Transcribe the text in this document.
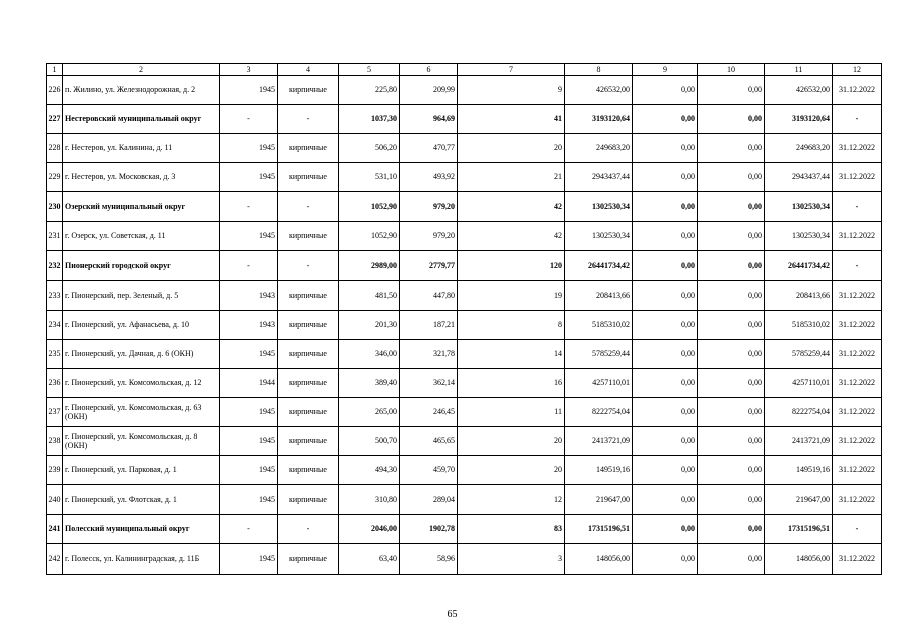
1	2	3	4	5	6	7	8	9	10	11	12
226	п. Жилино, ул. Железнодорожная, д. 2	1945	кирпичные	225,80	209,99	9	426532,00	0,00	0,00	426532,00	31.12.2022
227	Нестеровский муниципальный округ	-	-	1037,30	964,69	41	3193120,64	0,00	0,00	3193120,64	-
228	г. Нестеров, ул. Калинина, д. 11	1945	кирпичные	506,20	470,77	20	249683,20	0,00	0,00	249683,20	31.12.2022
229	г. Нестеров, ул. Московская, д. 3	1945	кирпичные	531,10	493,92	21	2943437,44	0,00	0,00	2943437,44	31.12.2022
230	Озерский муниципальный округ	-	-	1052,90	979,20	42	1302530,34	0,00	0,00	1302530,34	-
231	г. Озерск, ул. Советская, д. 11	1945	кирпичные	1052,90	979,20	42	1302530,34	0,00	0,00	1302530,34	31.12.2022
232	Пионерский городской округ	-	-	2989,00	2779,77	120	26441734,42	0,00	0,00	26441734,42	-
233	г. Пионерский, пер. Зеленый, д. 5	1943	кирпичные	481,50	447,80	19	208413,66	0,00	0,00	208413,66	31.12.2022
234	г. Пионерский, ул. Афанасьева, д. 10	1943	кирпичные	201,30	187,21	8	5185310,02	0,00	0,00	5185310,02	31.12.2022
235	г. Пионерский, ул. Дачная, д. 6 (ОКН)	1945	кирпичные	346,00	321,78	14	5785259,44	0,00	0,00	5785259,44	31.12.2022
236	г. Пионерский, ул. Комсомольская, д. 12	1944	кирпичные	389,40	362,14	16	4257110,01	0,00	0,00	4257110,01	31.12.2022
237	г. Пионерский, ул. Комсомольская, д. 63 (ОКН)	1945	кирпичные	265,00	246,45	11	8222754,04	0,00	0,00	8222754,04	31.12.2022
238	г. Пионерский, ул. Комсомольская, д. 8 (ОКН)	1945	кирпичные	500,70	465,65	20	2413721,09	0,00	0,00	2413721,09	31.12.2022
239	г. Пионерский, ул. Парковая, д. 1	1945	кирпичные	494,30	459,70	20	149519,16	0,00	0,00	149519,16	31.12.2022
240	г. Пионерский, ул. Флотская, д. 1	1945	кирпичные	310,80	289,04	12	219647,00	0,00	0,00	219647,00	31.12.2022
241	Полесский муниципальный округ	-	-	2046,00	1902,78	83	17315196,51	0,00	0,00	17315196,51	-
242	г. Полесск, ул. Калининградская, д. 11Б	1945	кирпичные	63,40	58,96	3	148056,00	0,00	0,00	148056,00	31.12.2022
65
